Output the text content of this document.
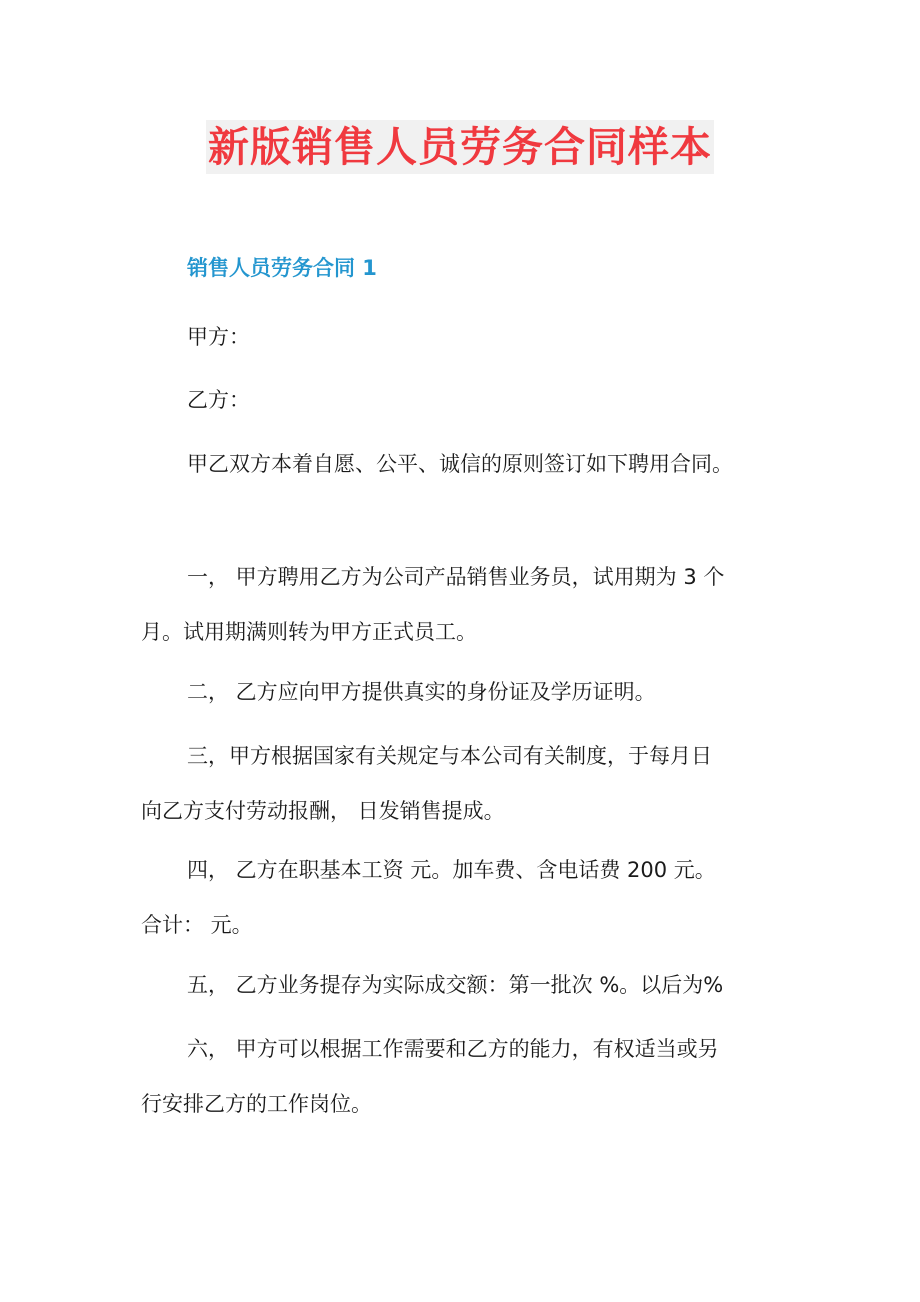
新版销售人员劳务合同样本

销售人员劳务合同 1

甲方：

乙方：

甲乙双方本着自愿、公平、诚信的原则签订如下聘用合同。

一， 甲方聘用乙方为公司产品销售业务员，试用期为 3 个
月。试用期满则转为甲方正式员工。

二， 乙方应向甲方提供真实的身份证及学历证明。

三，甲方根据国家有关规定与本公司有关制度，于每月日
向乙方支付劳动报酬， 日发销售提成。

四， 乙方在职基本工资 元。加车费、含电话费 200 元。
合计： 元。

五， 乙方业务提存为实际成交额：第一批次 %。以后为%

六， 甲方可以根据工作需要和乙方的能力，有权适当或另
行安排乙方的工作岗位。
